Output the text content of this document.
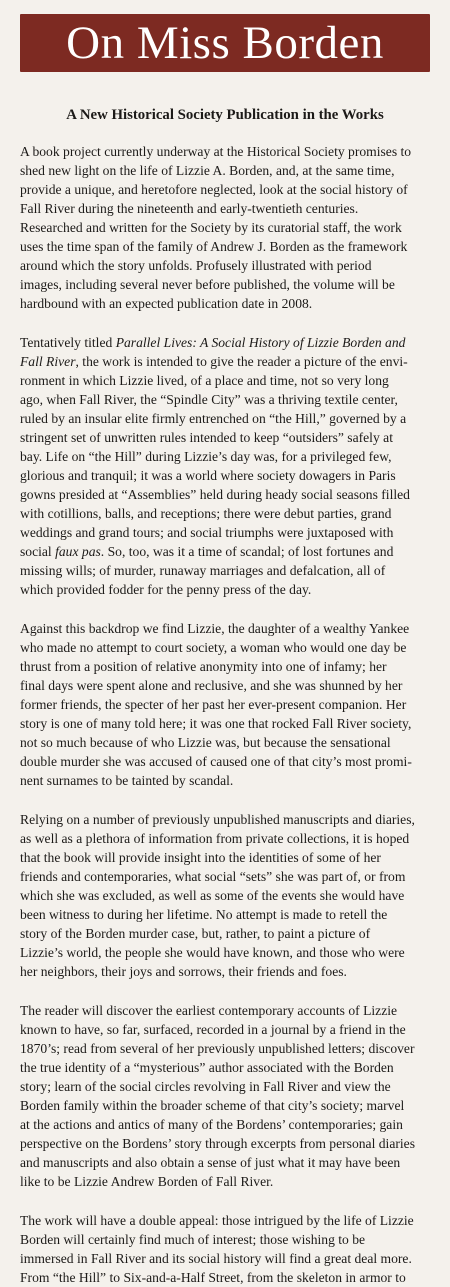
On Miss Borden
A New Historical Society Publication in the Works

A book project currently underway at the Historical Society promises to
shed new light on the life of Lizzie A. Borden, and, at the same time,
provide a unique, and heretofore neglected, look at the social history of
Fall River during the nineteenth and early-twentieth centuries.
Researched and written for the Society by its curatorial staff, the work
uses the time span of the family of Andrew J. Borden as the framework
around which the story unfolds. Profusely illustrated with period
images, including several never before published, the volume will be
hardbound with an expected publication date in 2008.

Tentatively titled Parallel Lives: A Social History of Lizzie Borden and
Fall River, the work is intended to give the reader a picture of the envi-
ronment in which Lizzie lived, of a place and time, not so very long
ago, when Fall River, the “Spindle City” was a thriving textile center,
ruled by an insular elite firmly entrenched on “the Hill,” governed by a
stringent set of unwritten rules intended to keep “outsiders” safely at
bay. Life on “the Hill” during Lizzie’s day was, for a privileged few,
glorious and tranquil; it was a world where society dowagers in Paris
gowns presided at “Assemblies” held during heady social seasons filled
with cotillions, balls, and receptions; there were debut parties, grand
weddings and grand tours; and social triumphs were juxtaposed with
social faux pas. So, too, was it a time of scandal; of lost fortunes and
missing wills; of murder, runaway marriages and defalcation, all of
which provided fodder for the penny press of the day.

Against this backdrop we find Lizzie, the daughter of a wealthy Yankee
who made no attempt to court society, a woman who would one day be
thrust from a position of relative anonymity into one of infamy; her
final days were spent alone and reclusive, and she was shunned by her
former friends, the specter of her past her ever-present companion. Her
story is one of many told here; it was one that rocked Fall River society,
not so much because of who Lizzie was, but because the sensational
double murder she was accused of caused one of that city’s most promi-
nent surnames to be tainted by scandal.

Relying on a number of previously unpublished manuscripts and diaries,
as well as a plethora of information from private collections, it is hoped
that the book will provide insight into the identities of some of her
friends and contemporaries, what social “sets” she was part of, or from
which she was excluded, as well as some of the events she would have
been witness to during her lifetime. No attempt is made to retell the
story of the Borden murder case, but, rather, to paint a picture of
Lizzie’s world, the people she would have known, and those who were
her neighbors, their joys and sorrows, their friends and foes.

The reader will discover the earliest contemporary accounts of Lizzie
known to have, so far, surfaced, recorded in a journal by a friend in the
1870’s; read from several of her previously unpublished letters; discover
the true identity of a “mysterious” author associated with the Borden
story; learn of the social circles revolving in Fall River and view the
Borden family within the broader scheme of that city’s society; marvel
at the actions and antics of many of the Bordens’ contemporaries; gain
perspective on the Bordens’ story through excerpts from personal diaries
and manuscripts and also obtain a sense of just what it may have been
like to be Lizzie Andrew Borden of Fall River.

The work will have a double appeal: those intrigued by the life of Lizzie
Borden will certainly find much of interest; those wishing to be
immersed in Fall River and its social history will find a great deal more.
From “the Hill” to Six-and-a-Half Street, from the skeleton in armor to
